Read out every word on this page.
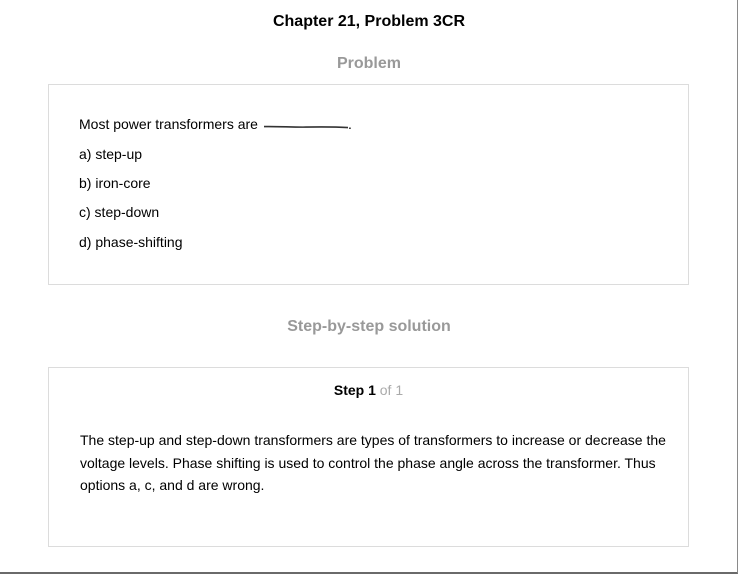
Chapter 21, Problem 3CR
Problem
Most power transformers are	.
a) step-up
b) iron-core
c) step-down
d) phase-shifting
Step-by-step solution
Step 1 of 1
The step-up and step-down transformers are types of transformers to increase or decrease the voltage levels. Phase shifting is used to control the phase angle across the transformer. Thus options a, c, and d are wrong.
